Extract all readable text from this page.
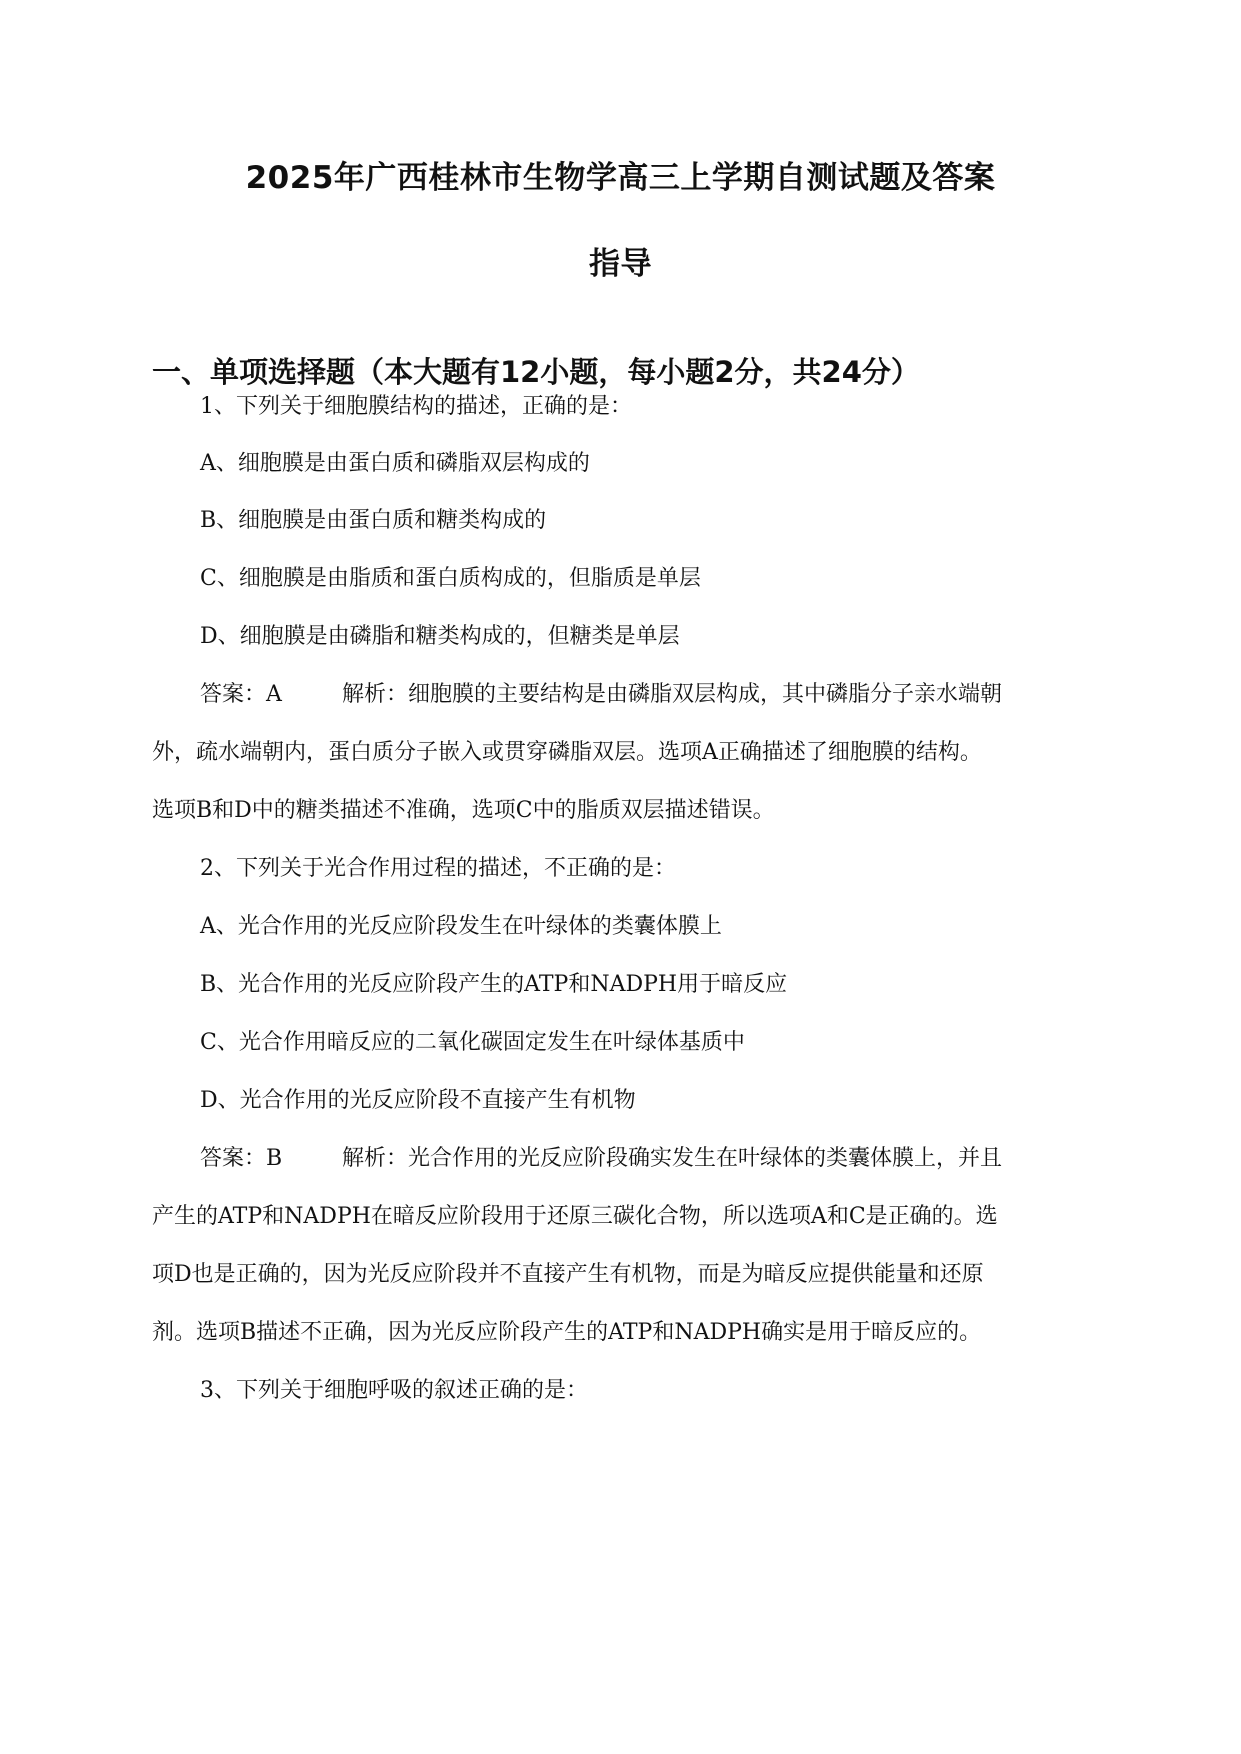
2025年广西桂林市生物学高三上学期自测试题及答案
指导
一、单项选择题（本大题有12小题，每小题2分，共24分）
1、下列关于细胞膜结构的描述，正确的是：
A、细胞膜是由蛋白质和磷脂双层构成的
B、细胞膜是由蛋白质和糖类构成的
C、细胞膜是由脂质和蛋白质构成的，但脂质是单层
D、细胞膜是由磷脂和糖类构成的，但糖类是单层
答案：A	解析：细胞膜的主要结构是由磷脂双层构成，其中磷脂分子亲水端朝
外，疏水端朝内，蛋白质分子嵌入或贯穿磷脂双层。选项A正确描述了细胞膜的结构。
选项B和D中的糖类描述不准确，选项C中的脂质双层描述错误。
2、下列关于光合作用过程的描述，不正确的是：
A、光合作用的光反应阶段发生在叶绿体的类囊体膜上
B、光合作用的光反应阶段产生的ATP和NADPH用于暗反应
C、光合作用暗反应的二氧化碳固定发生在叶绿体基质中
D、光合作用的光反应阶段不直接产生有机物
答案：B	解析：光合作用的光反应阶段确实发生在叶绿体的类囊体膜上，并且
产生的ATP和NADPH在暗反应阶段用于还原三碳化合物，所以选项A和C是正确的。选
项D也是正确的，因为光反应阶段并不直接产生有机物，而是为暗反应提供能量和还原
剂。选项B描述不正确，因为光反应阶段产生的ATP和NADPH确实是用于暗反应的。
3、下列关于细胞呼吸的叙述正确的是：
